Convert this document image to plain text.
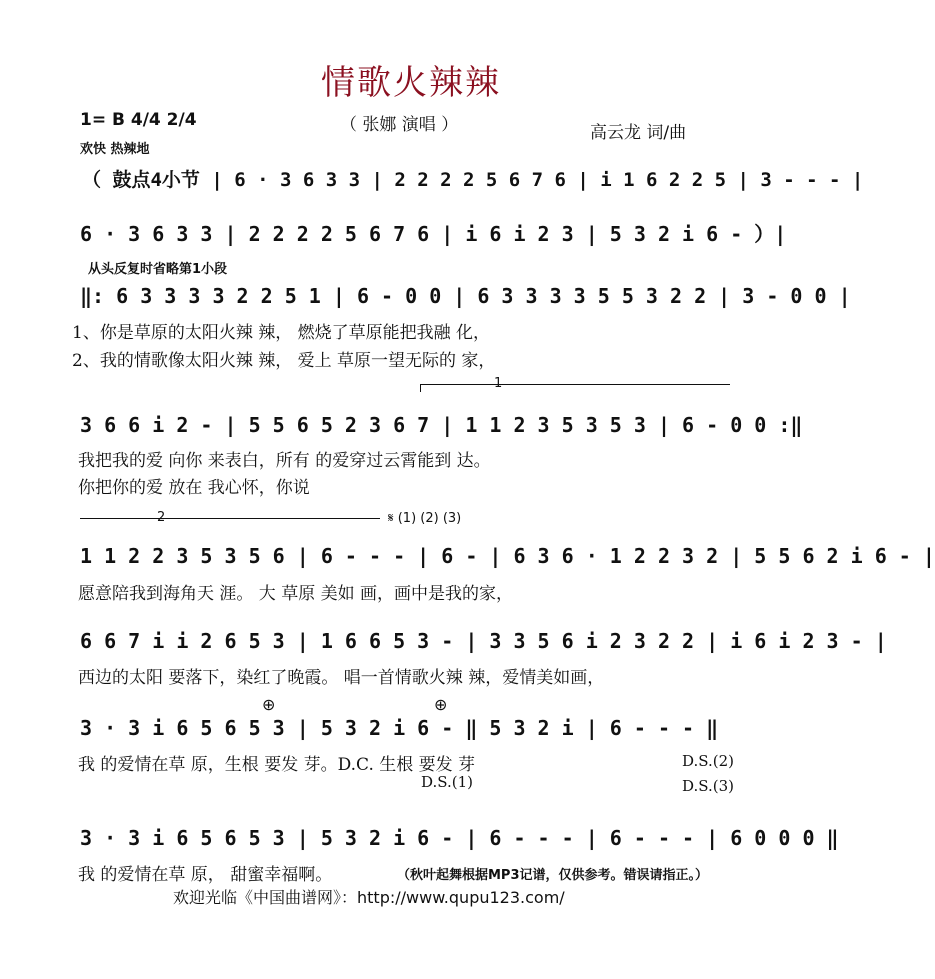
情歌火辣辣
（ 张娜 演唱 ）	高云龙 词/曲
1= B 4/4 2/4
欢快 热辣地
（ 鼓点4小节 | 6 · 3 6 3 3 | 2 2 2 2 5 6 7 6 | i 1 6 2 2 5 | 3 - - - |
6 · 3 6 3 3 | 2 2 2 2 5 6 7 6 | i 6 i 2 3 | 5 3 2 i 6 - ）|
从头反复时省略第1小段
‖: 6 3 3 3 3 2 2 5 1 | 6 - 0 0 | 6 3 3 3 3 5 5 3 2 2 | 3 - 0 0 |
1、你是草原的太阳火辣 辣， 燃烧了草原能把我融 化，
2、我的情歌像太阳火辣 辣， 爱上 草原一望无际的 家，
1
3 6 6 i 2 - | 5 5 6 5 2 3 6 7 | 1 1 2 3 5 3 5 3 | 6 - 0 0 :‖
我把我的爱 向你 来表白，所有 的爱穿过云霄能到 达。
你把你的爱 放在 我心怀，你说
2	𝄋 (1) (2) (3)
1 1 2 2 3 5 3 5 6 | 6 - - - | 6 - | 6 3 6 · 1 2 2 3 2 | 5 5 6 2 i 6 - |
愿意陪我到海角天 涯。 大 草原 美如 画，画中是我的家，
6 6 7 i i 2 6 5 3 | 1 6 6 5 3 - | 3 3 5 6 i 2 3 2 2 | i 6 i 2 3 - |
西边的太阳 要落下，染红了晚霞。 唱一首情歌火辣 辣，爱情美如画，
⊕	⊕
3 · 3 i 6 5 6 5 3 | 5 3 2 i 6 - ‖ 5 3 2 i | 6 - - - ‖
我 的爱情在草 原，生根 要发 芽。D.C. 生根 要发 芽
D.S.(1)
D.S.(2)
D.S.(3)
3 · 3 i 6 5 6 5 3 | 5 3 2 i 6 - | 6 - - - | 6 - - - | 6 0 0 0 ‖
我 的爱情在草 原， 甜蜜幸福啊。	（秋叶起舞根据MP3记谱，仅供参考。错误请指正。）
欢迎光临《中国曲谱网》：http://www.qupu123.com/
